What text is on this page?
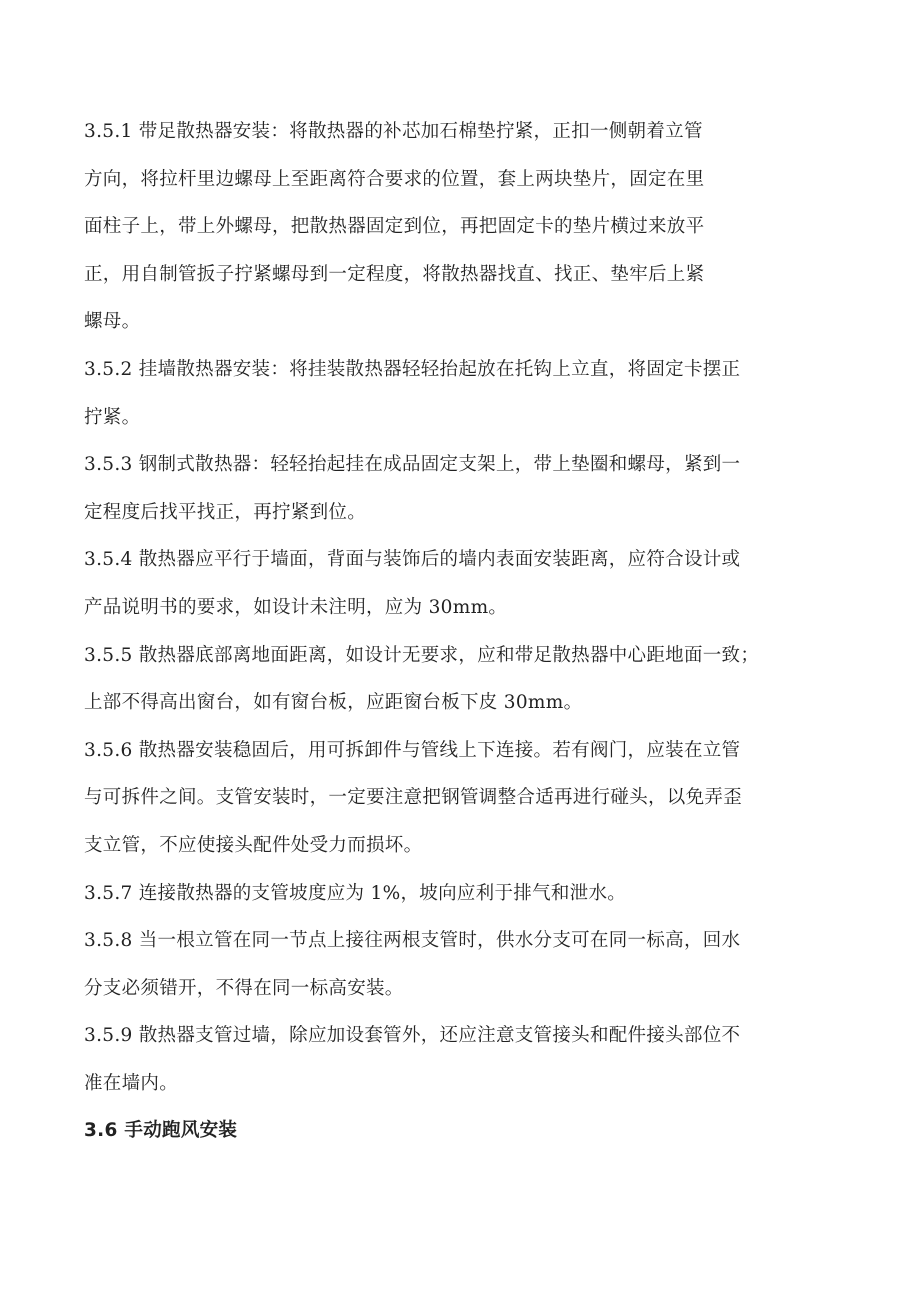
3.5.1 带足散热器安装：将散热器的补芯加石棉垫拧紧，正扣一侧朝着立管
方向，将拉杆里边螺母上至距离符合要求的位置，套上两块垫片，固定在里
面柱子上，带上外螺母，把散热器固定到位，再把固定卡的垫片横过来放平
正，用自制管扳子拧紧螺母到一定程度，将散热器找直、找正、垫牢后上紧
螺母。
3.5.2 挂墙散热器安装：将挂装散热器轻轻抬起放在托钩上立直，将固定卡摆正
拧紧。
3.5.3 钢制式散热器：轻轻抬起挂在成品固定支架上，带上垫圈和螺母，紧到一
定程度后找平找正，再拧紧到位。
3.5.4 散热器应平行于墙面，背面与装饰后的墙内表面安装距离，应符合设计或
产品说明书的要求，如设计未注明，应为 30mm。
3.5.5 散热器底部离地面距离，如设计无要求，应和带足散热器中心距地面一致；
上部不得高出窗台，如有窗台板，应距窗台板下皮 30mm。
3.5.6 散热器安装稳固后，用可拆卸件与管线上下连接。若有阀门，应装在立管
与可拆件之间。支管安装时，一定要注意把钢管调整合适再进行碰头，以免弄歪
支立管，不应使接头配件处受力而损坏。
3.5.7 连接散热器的支管坡度应为 1%，坡向应利于排气和泄水。
3.5.8 当一根立管在同一节点上接往两根支管时，供水分支可在同一标高，回水
分支必须错开，不得在同一标高安装。
3.5.9 散热器支管过墙，除应加设套管外，还应注意支管接头和配件接头部位不
准在墙内。
3.6 手动跑风安装
